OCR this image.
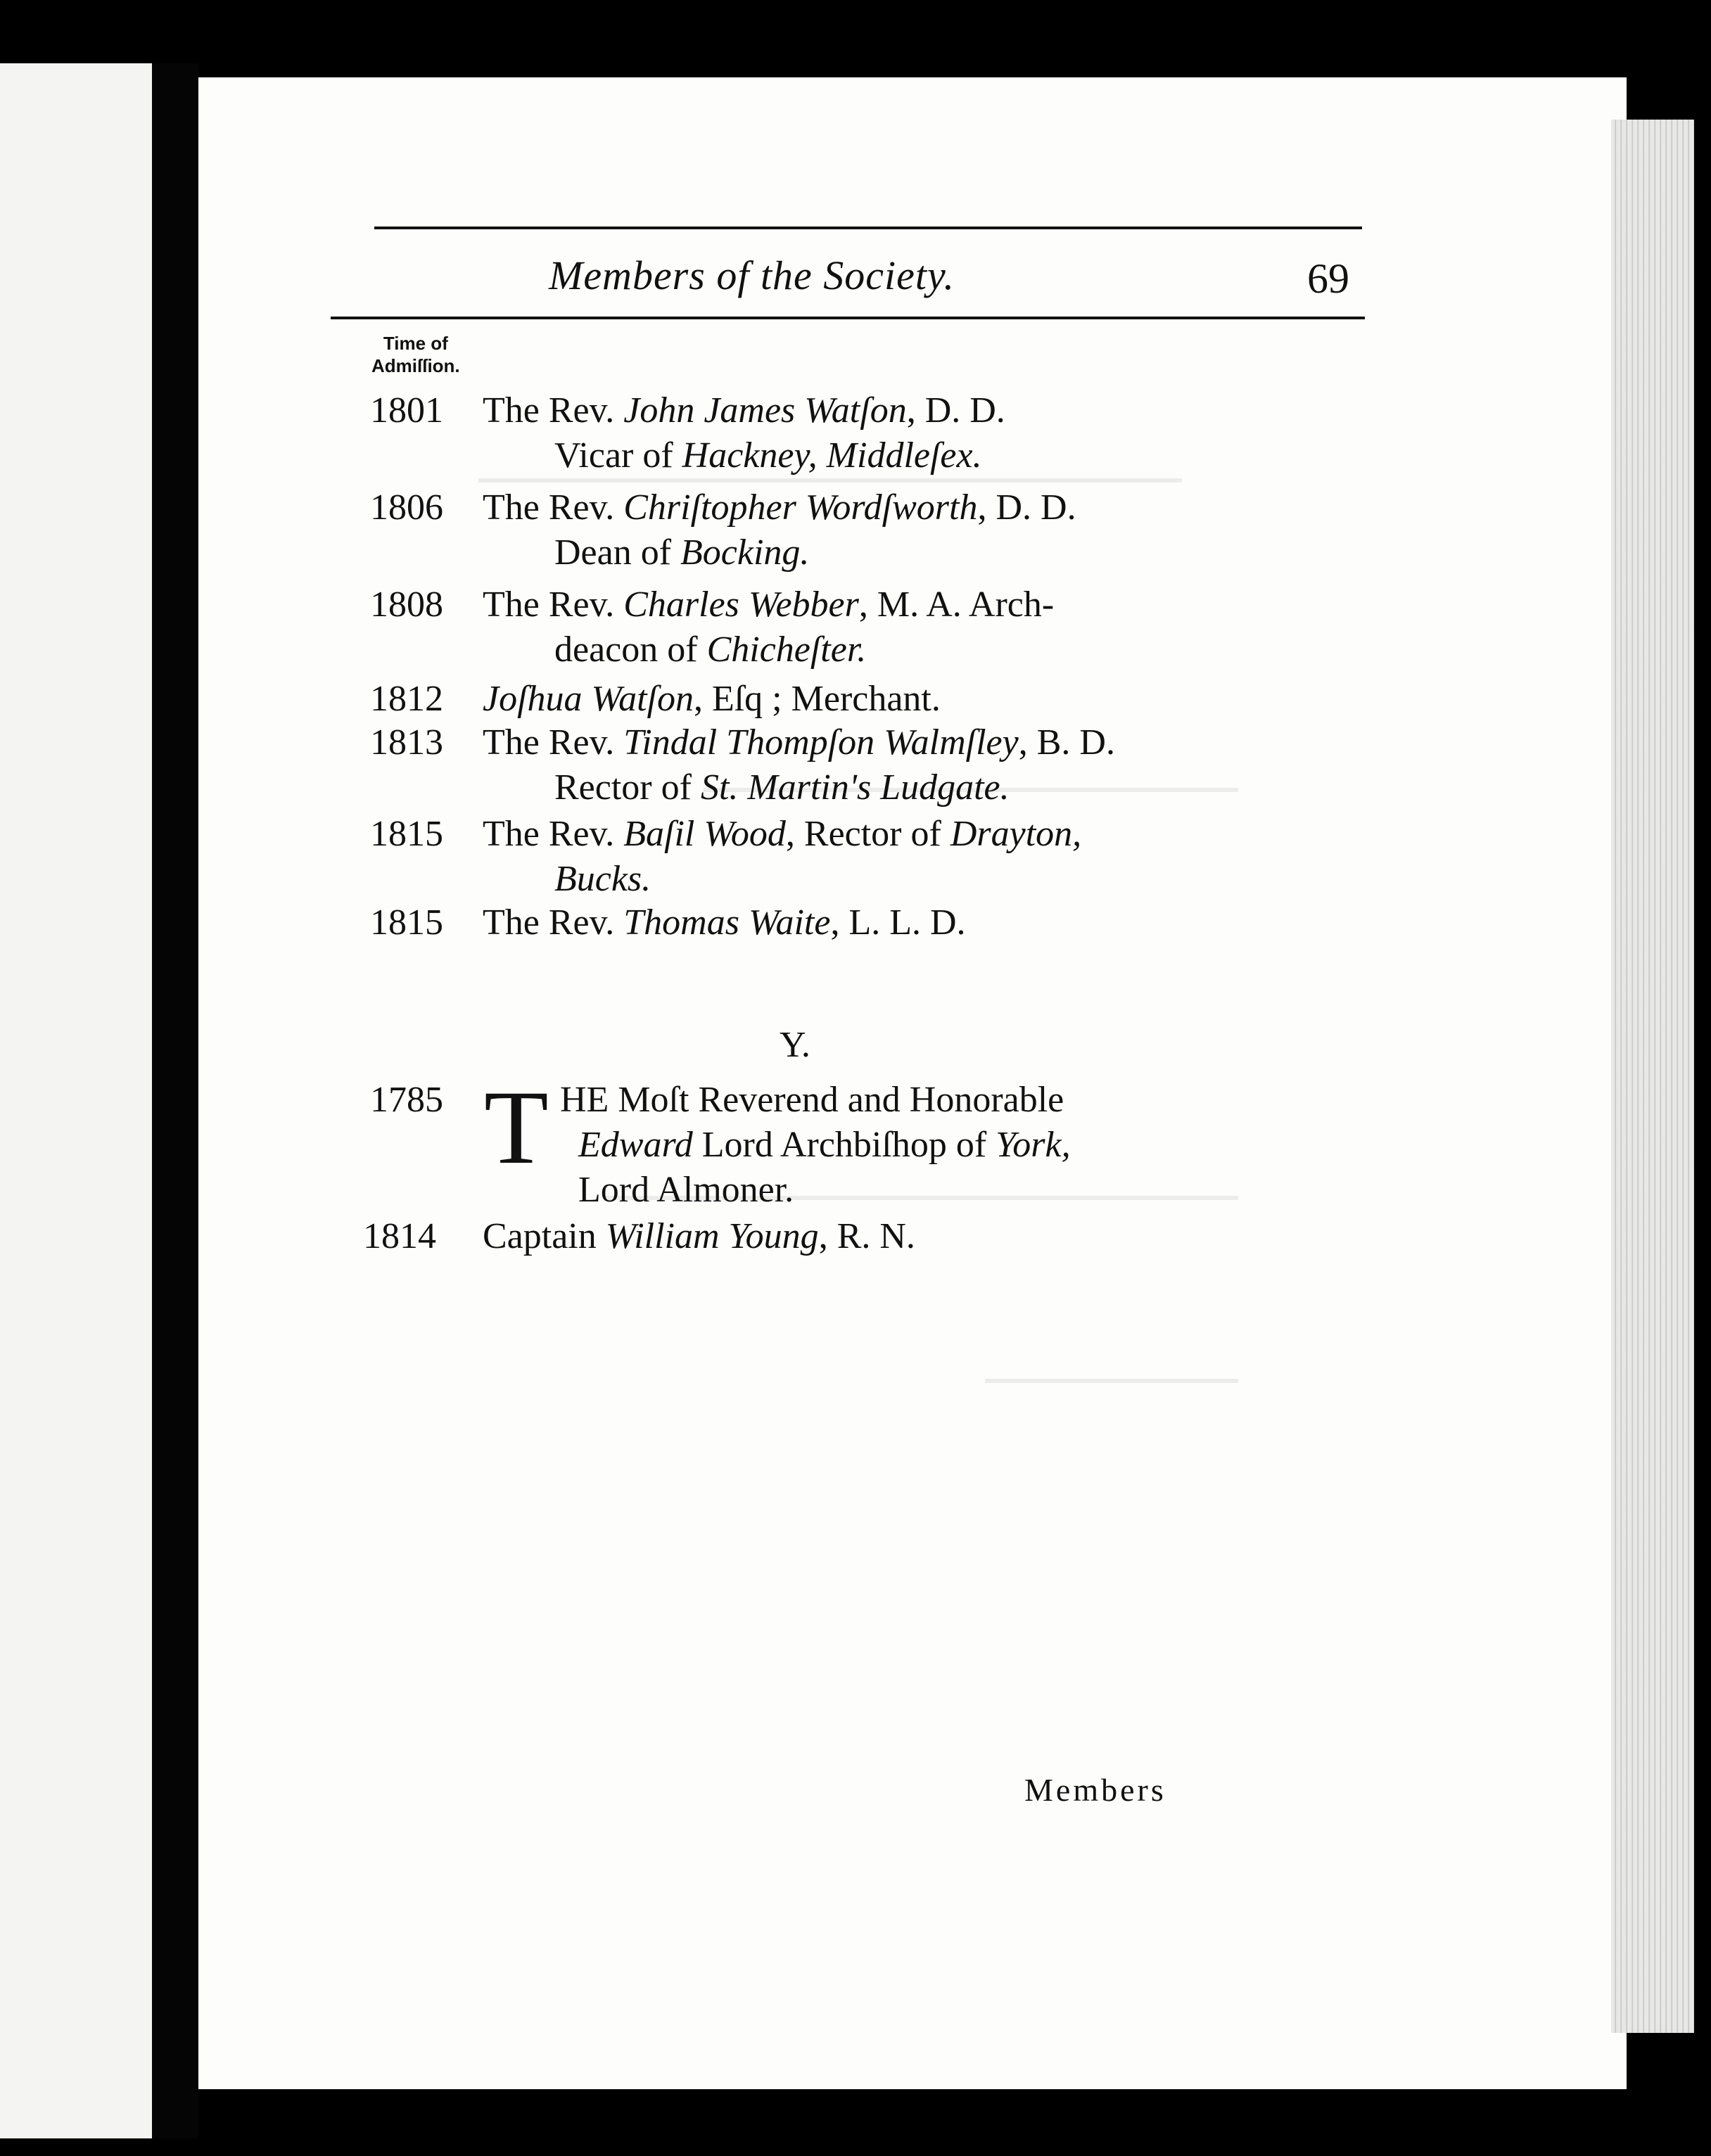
Members of the Society.	69
Time of
Admiſſion.
1801 The Rev. John James Watſon, D. D.
Vicar of Hackney, Middleſex.
1806 The Rev. Chriſtopher Wordſworth, D. D.
Dean of Bocking.
1808 The Rev. Charles Webber, M. A. Arch-
deacon of Chicheſter.
1812 Joſhua Watſon, Eſq ; Merchant.
1813 The Rev. Tindal Thompſon Walmſley, B. D.
Rector of St. Martin's Ludgate.
1815 The Rev. Baſil Wood, Rector of Drayton,
Bucks.
1815 The Rev. Thomas Waite, L. L. D.
Y.
T
1785	HE Moſt Reverend and Honorable
Edward Lord Archbiſhop of York,
Lord Almoner.
1814 Captain William Young, R. N.
Members
